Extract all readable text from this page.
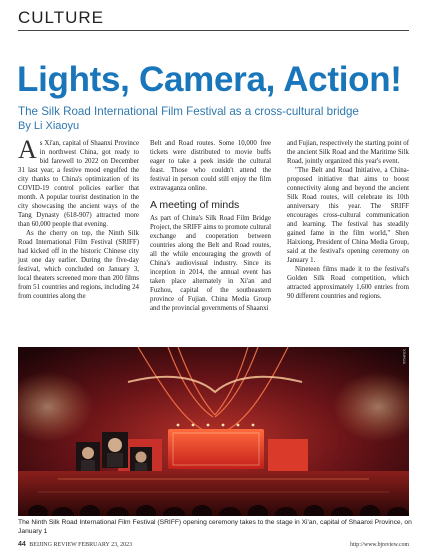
CULTURE
Lights, Camera, Action!
The Silk Road International Film Festival as a cross-cultural bridge
By Li Xiaoyu

As Xi'an, capital of Shaanxi Province in northwest China, got ready to bid farewell to 2022 on December 31 last year, a festive mood engulfed the city thanks to China's optimization of its COVID-19 control policies earlier that month. A popular tourist destination in the city showcasing the ancient ways of the Tang Dynasty (618-907) attracted more than 60,000 people that evening.

As the cherry on top, the Ninth Silk Road International Film Festival (SRIFF) had kicked off in the historic Chinese city just one day earlier. During the five-day festival, which concluded on January 3, local theaters screened more than 200 films from 51 countries and regions, including 24 from countries along the

Belt and Road routes. Some 10,000 free tickets were distributed to movie buffs eager to take a peek inside the cultural feast. Those who couldn't attend the festival in person could still enjoy the film extravaganza online.

A meeting of minds

As part of China's Silk Road Film Bridge Project, the SRIFF aims to promote cultural exchange and cooperation between countries along the Belt and Road routes, all the while encouraging the growth of China's audiovisual industry. Since its inception in 2014, the annual event has taken place alternately in Xi'an and Fuzhou, capital of the southeastern province of Fujian. China Media Group and the provincial governments of Shaanxi

and Fujian, respectively the starting point of the ancient Silk Road and the Maritime Silk Road, jointly organized this year's event.

"The Belt and Road Initiative, a China-proposed initiative that aims to boost connectivity along and beyond the ancient Silk Road routes, will celebrate its 10th anniversary this year. The SRIFF encourages cross-cultural communication and learning. The festival has steadily gained fame in the film world," Shen Haixiong, President of China Media Group, said at the festival's opening ceremony on January 1.

Nineteen films made it to the festival's Golden Silk Road competition, which attracted approximately 1,600 entries from 90 different countries and regions.

XINHUA
The Ninth Silk Road International Film Festival (SRIFF) opening ceremony takes to the stage in Xi'an, capital of Shaanxi Province, on January 1
44 BEIJING REVIEW FEBRUARY 23, 2023	http://www.bjreview.com
